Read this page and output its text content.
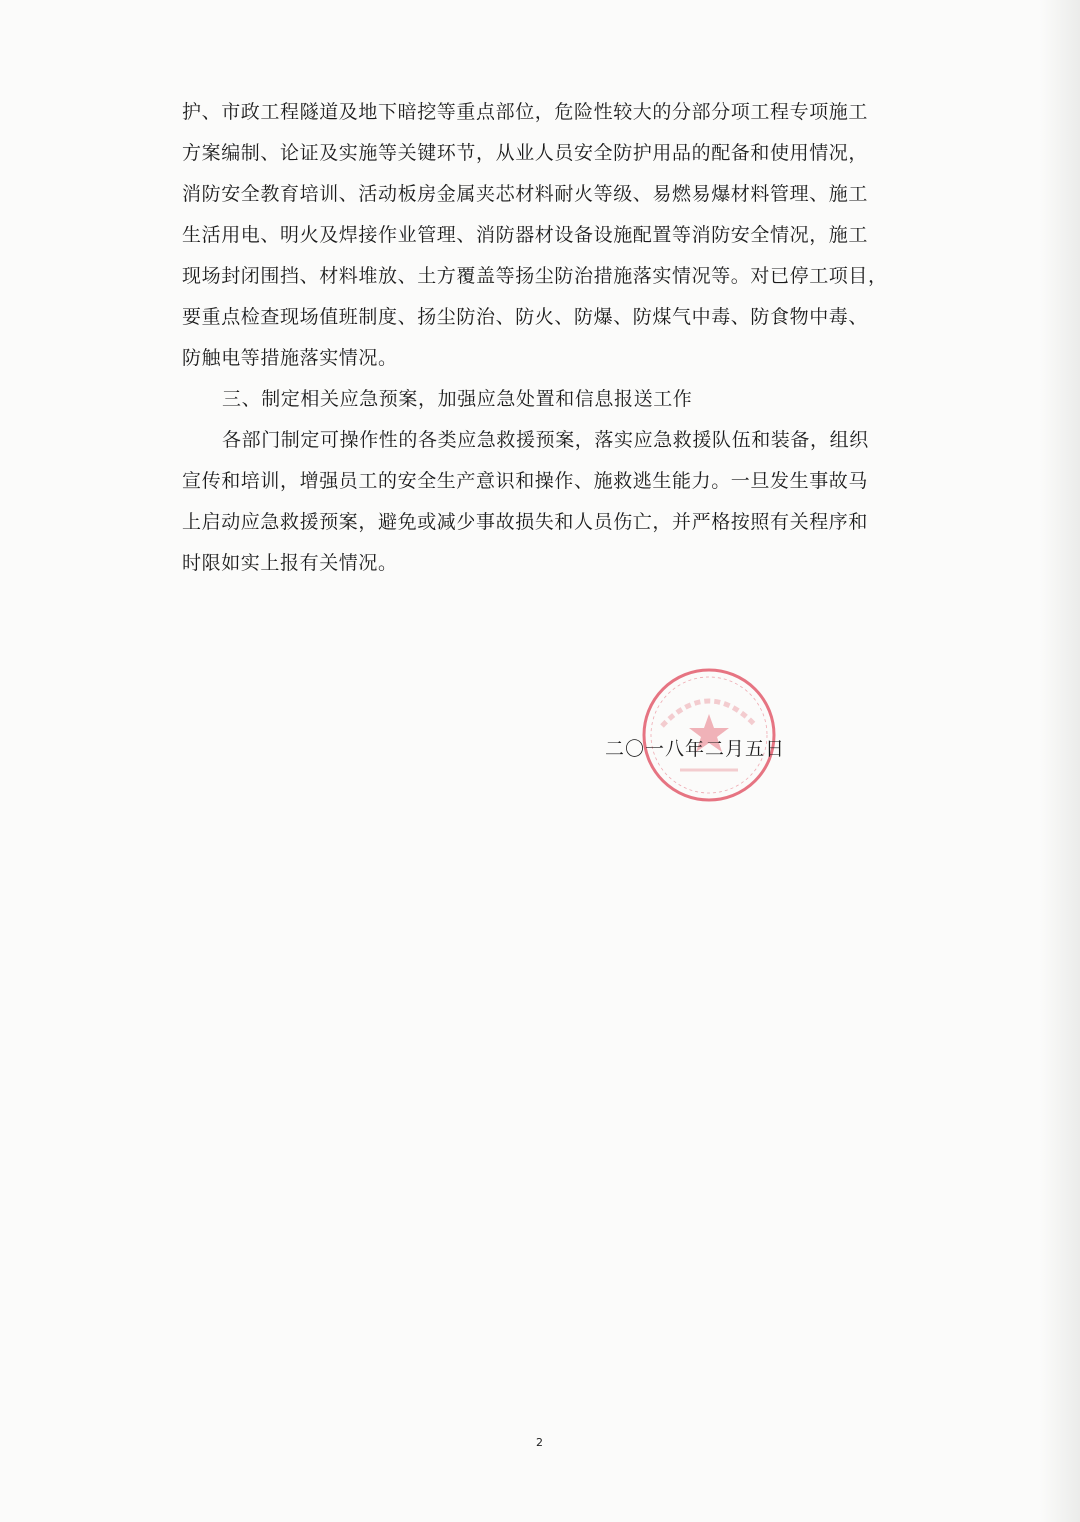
护、市政工程隧道及地下暗挖等重点部位，危险性较大的分部分项工程专项施工
方案编制、论证及实施等关键环节，从业人员安全防护用品的配备和使用情况，
消防安全教育培训、活动板房金属夹芯材料耐火等级、易燃易爆材料管理、施工
生活用电、明火及焊接作业管理、消防器材设备设施配置等消防安全情况，施工
现场封闭围挡、材料堆放、土方覆盖等扬尘防治措施落实情况等。对已停工项目，
要重点检查现场值班制度、扬尘防治、防火、防爆、防煤气中毒、防食物中毒、
防触电等措施落实情况。
三、制定相关应急预案，加强应急处置和信息报送工作
各部门制定可操作性的各类应急救援预案，落实应急救援队伍和装备，组织
宣传和培训，增强员工的安全生产意识和操作、施救逃生能力。一旦发生事故马
上启动应急救援预案，避免或减少事故损失和人员伤亡，并严格按照有关程序和
时限如实上报有关情况。
二〇一八年二月五日
2
